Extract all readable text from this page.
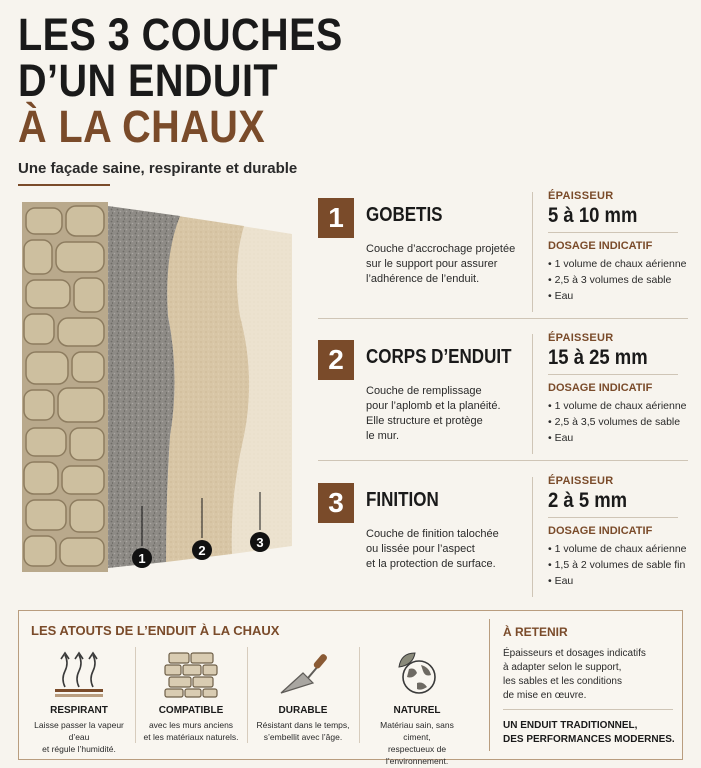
LES 3 COUCHES
D’UN ENDUIT
À LA CHAUX
Une façade saine, respirante et durable
1
2
3
1	GOBETIS
Couche d’accrochage projetée
sur le support pour assurer
l’adhérence de l’enduit.
ÉPAISSEUR
5 à 10 mm
DOSAGE INDICATIF
• 1 volume de chaux aérienne
• 2,5 à 3 volumes de sable
• Eau
2	CORPS D’ENDUIT
Couche de remplissage
pour l’aplomb et la planéité.
Elle structure et protège
le mur.
ÉPAISSEUR
15 à 25 mm
DOSAGE INDICATIF
• 1 volume de chaux aérienne
• 2,5 à 3,5 volumes de sable
• Eau
3	FINITION
Couche de finition talochée
ou lissée pour l’aspect
et la protection de surface.
ÉPAISSEUR
2 à 5 mm
DOSAGE INDICATIF
• 1 volume de chaux aérienne
• 1,5 à 2 volumes de sable fin
• Eau
LES ATOUTS DE L’ENDUIT À LA CHAUX
RESPIRANT
Laisse passer la vapeur d’eau
et régule l’humidité.
COMPATIBLE
avec les murs anciens
et les matériaux naturels.
DURABLE
Résistant dans le temps,
s’embellit avec l’âge.
NATUREL
Matériau sain, sans ciment,
respectueux de l’environnement.
À RETENIR
Épaisseurs et dosages indicatifs
à adapter selon le support,
les sables et les conditions
de mise en œuvre.
UN ENDUIT TRADITIONNEL,
DES PERFORMANCES MODERNES.
